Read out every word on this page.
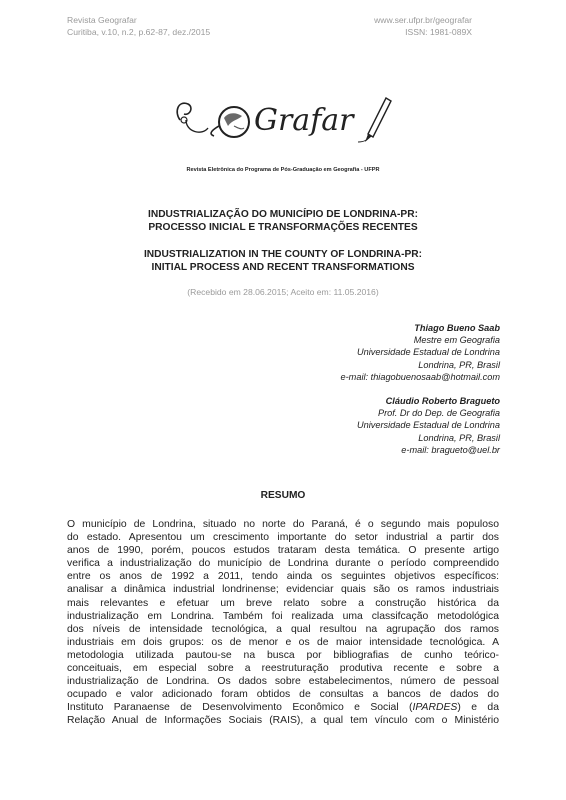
Revista Geografar
Curitiba, v.10, n.2, p.62-87, dez./2015
www.ser.ufpr.br/geografar
ISSN: 1981-089X
Grafar
Revista Eletrônica do Programa de Pós-Graduação em Geografia - UFPR
INDUSTRIALIZAÇÃO DO MUNICÍPIO DE LONDRINA-PR:
PROCESSO INICIAL E TRANSFORMAÇÕES RECENTES
INDUSTRIALIZATION IN THE COUNTY OF LONDRINA-PR:
INITIAL PROCESS AND RECENT TRANSFORMATIONS
(Recebido em 28.06.2015; Aceito em: 11.05.2016)
Thiago Bueno Saab
Mestre em Geografia
Universidade Estadual de Londrina
Londrina, PR, Brasil
e-mail: thiagobuenosaab@hotmail.com
Cláudio Roberto Bragueto
Prof. Dr do Dep. de Geografia
Universidade Estadual de Londrina
Londrina, PR, Brasil
e-mail: bragueto@uel.br
RESUMO
O município de Londrina, situado no norte do Paraná, é o segundo mais populoso
do estado. Apresentou um crescimento importante do setor industrial a partir dos
anos de 1990, porém, poucos estudos trataram desta temática. O presente artigo
verifica a industrialização do município de Londrina durante o período compreendido
entre os anos de 1992 a 2011, tendo ainda os seguintes objetivos específicos:
analisar a dinâmica industrial londrinense; evidenciar quais são os ramos industriais
mais relevantes e efetuar um breve relato sobre a construção histórica da
industrialização em Londrina. Também foi realizada uma classifcação metodológica
dos níveis de intensidade tecnológica, a qual resultou na agrupação dos ramos
industriais em dois grupos: os de menor e os de maior intensidade tecnológica. A
metodologia utilizada pautou-se na busca por bibliografias de cunho teórico-
conceituais, em especial sobre a reestruturação produtiva recente e sobre a
industrialização de Londrina. Os dados sobre estabelecimentos, número de pessoal
ocupado e valor adicionado foram obtidos de consultas a bancos de dados do
Instituto Paranaense de Desenvolvimento Econômico e Social (IPARDES) e da
Relação Anual de Informações Sociais (RAIS), a qual tem vínculo com o Ministério
